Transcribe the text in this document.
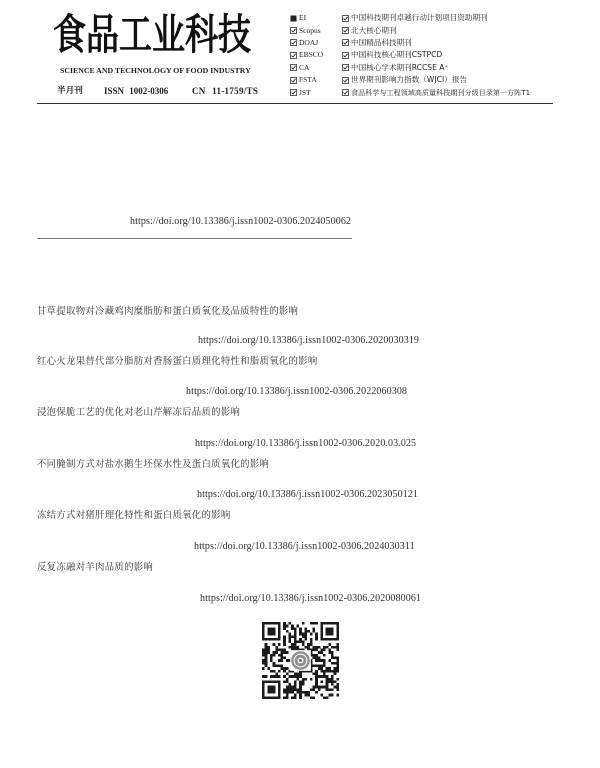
食品工业科技
SCIENCE AND TECHNOLOGY OF FOOD INDUSTRY
半月刊 ISSN 1002-0306	CN 11-1759/TS
EI
Scopus
DOAJ
EBSCO
CA
FSTA
JST
中国科技期刊卓越行动计划项目资助期刊
北大核心期刊
中国精品科技期刊
中国科技核心期刊CSTPCD
中国核心学术期刊RCCSE A⁺
世界期刊影响力指数（WJCI）报告
食品科学与工程领域高质量科技期刊分级目录第一方阵T1
https://doi.org/10.13386/j.issn1002-0306.2024050062
甘草提取物对冷藏鸡肉糜脂肪和蛋白质氧化及品质特性的影响
https://doi.org/10.13386/j.issn1002-0306.2020030319
红心火龙果替代部分脂肪对香肠蛋白质理化特性和脂质氧化的影响
https://doi.org/10.13386/j.issn1002-0306.2022060308
浸泡保脆工艺的优化对老山芹解冻后品质的影响
https://doi.org/10.13386/j.issn1002-0306.2020.03.025
不同腌制方式对盐水鹅生坯保水性及蛋白质氧化的影响
https://doi.org/10.13386/j.issn1002-0306.2023050121
冻结方式对猪肝理化特性和蛋白质氧化的影响
https://doi.org/10.13386/j.issn1002-0306.2024030311
反复冻融对羊肉品质的影响
https://doi.org/10.13386/j.issn1002-0306.2020080061
